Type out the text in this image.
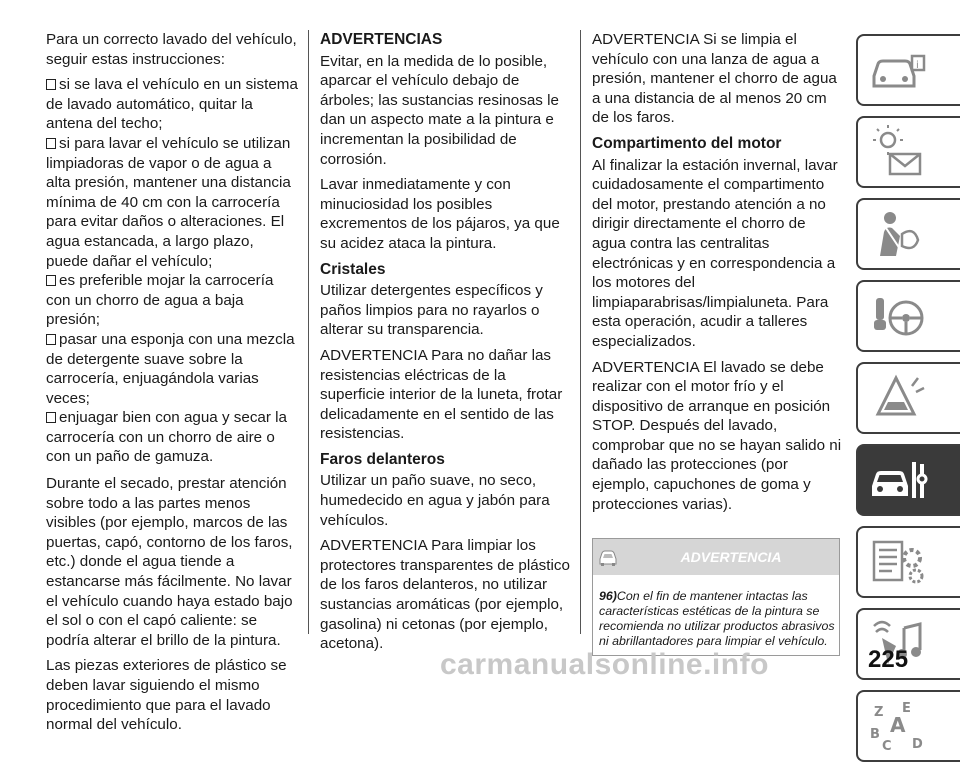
Para un correcto lavado del vehículo, seguir estas instrucciones:

si se lava el vehículo en un sistema de lavado automático, quitar la antena del techo;
si para lavar el vehículo se utilizan limpiadoras de vapor o de agua a alta presión, mantener una distancia mínima de 40 cm con la carrocería para evitar daños o alteraciones. El agua estancada, a largo plazo, puede dañar el vehículo;
es preferible mojar la carrocería con un chorro de agua a baja presión;
pasar una esponja con una mezcla de detergente suave sobre la carrocería, enjuagándola varias veces;
enjuagar bien con agua y secar la carrocería con un chorro de aire o con un paño de gamuza.

Durante el secado, prestar atención sobre todo a las partes menos visibles (por ejemplo, marcos de las puertas, capó, contorno de los faros, etc.) donde el agua tiende a estancarse más fácilmente. No lavar el vehículo cuando haya estado bajo el sol o con el capó caliente: se podría alterar el brillo de la pintura.

Las piezas exteriores de plástico se deben lavar siguiendo el mismo procedimiento que para el lavado normal del vehículo.

ADVERTENCIAS

Evitar, en la medida de lo posible, aparcar el vehículo debajo de árboles; las sustancias resinosas le dan un aspecto mate a la pintura e incrementan la posibilidad de corrosión.

Lavar inmediatamente y con minuciosidad los posibles excrementos de los pájaros, ya que su acidez ataca la pintura.

Cristales

Utilizar detergentes específicos y paños limpios para no rayarlos o alterar su transparencia.

ADVERTENCIA Para no dañar las resistencias eléctricas de la superficie interior de la luneta, frotar delicadamente en el sentido de las resistencias.

Faros delanteros

Utilizar un paño suave, no seco, humedecido en agua y jabón para vehículos.

ADVERTENCIA Para limpiar los protectores transparentes de plástico de los faros delanteros, no utilizar sustancias aromáticas (por ejemplo, gasolina) ni cetonas (por ejemplo, acetona).

ADVERTENCIA Si se limpia el vehículo con una lanza de agua a presión, mantener el chorro de agua a una distancia de al menos 20 cm de los faros.

Compartimento del motor

Al finalizar la estación invernal, lavar cuidadosamente el compartimento del motor, prestando atención a no dirigir directamente el chorro de agua contra las centralitas electrónicas y en correspondencia a los motores del limpiaparabrisas/limpialuneta. Para esta operación, acudir a talleres especializados.

ADVERTENCIA El lavado se debe realizar con el motor frío y el dispositivo de arranque en posición STOP. Después del lavado, comprobar que no se hayan salido ni dañado las protecciones (por ejemplo, capuchones de goma y protecciones varias).

ADVERTENCIA
96)Con el fin de mantener intactas las características estéticas de la pintura se recomienda no utilizar productos abrasivos ni abrillantadores para limpiar el vehículo.
i
Z E
A
B
C D
carmanualsonline.info	225
